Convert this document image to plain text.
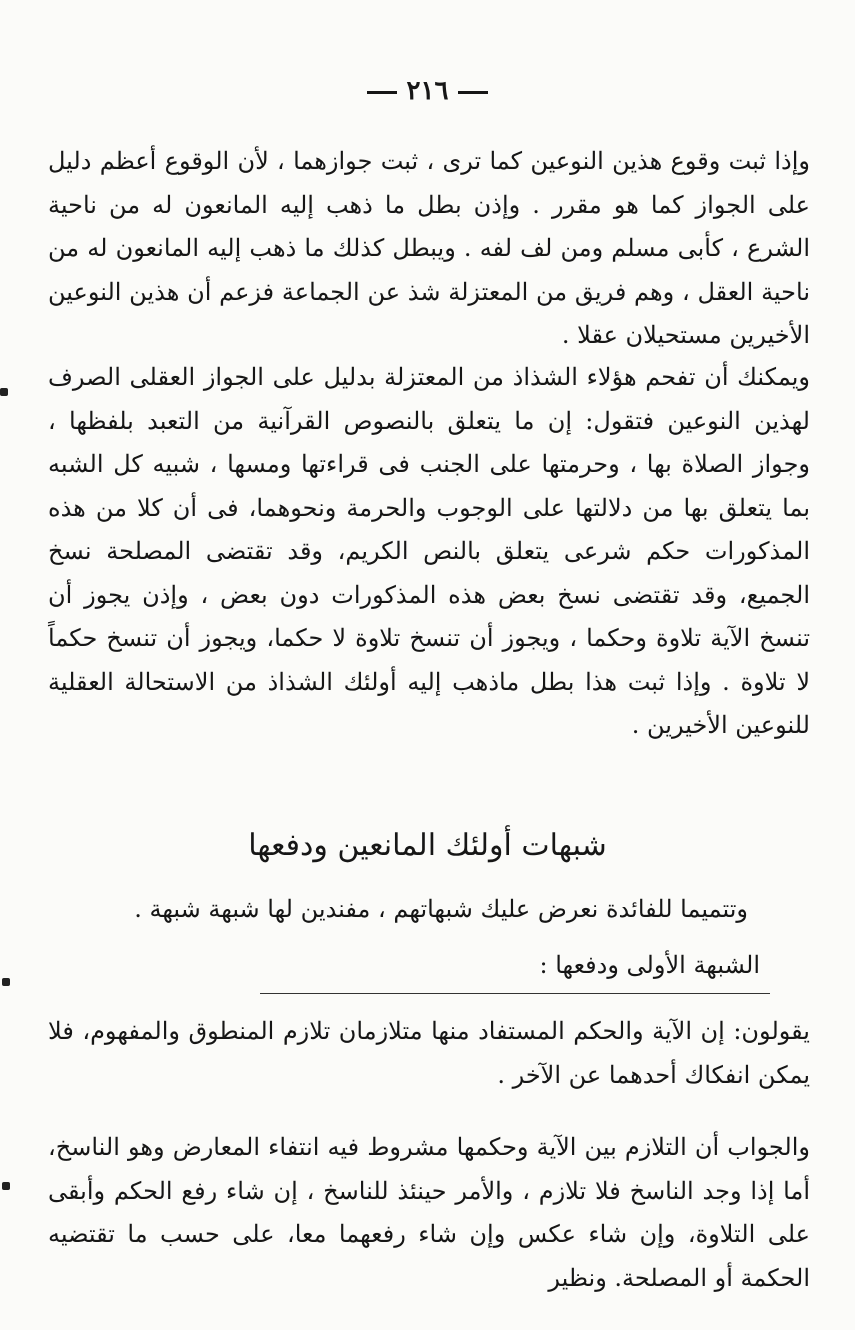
٢١٦
وإذا ثبت وقوع هذين النوعين كما ترى ، ثبت جوازهما ، لأن الوقوع أعظم دليل على الجواز كما هو مقرر . وإذن بطل ما ذهب إليه المانعون له من ناحية الشرع ، كأبى مسلم ومن لف لفه . ويبطل كذلك ما ذهب إليه المانعون له من ناحية العقل ، وهم فريق من المعتزلة شذ عن الجماعة فزعم أن هذين النوعين الأخيرين مستحيلان عقلا .
ويمكنك أن تفحم هؤلاء الشذاذ من المعتزلة بدليل على الجواز العقلى الصرف لهذين النوعين فتقول: إن ما يتعلق بالنصوص القرآنية من التعبد بلفظها ، وجواز الصلاة بها ، وحرمتها على الجنب فى قراءتها ومسها ، شبيه كل الشبه بما يتعلق بها من دلالتها على الوجوب والحرمة ونحوهما، فى أن كلا من هذه المذكورات حكم شرعى يتعلق بالنص الكريم، وقد تقتضى المصلحة نسخ الجميع، وقد تقتضى نسخ بعض هذه المذكورات دون بعض ، وإذن يجوز أن تنسخ الآية تلاوة وحكما ، ويجوز أن تنسخ تلاوة لا حكما، ويجوز أن تنسخ حكماً لا تلاوة . وإذا ثبت هذا بطل ماذهب إليه أولئك الشذاذ من الاستحالة العقلية للنوعين الأخيرين .
شبهات أولئك المانعين ودفعها
وتتميما للفائدة نعرض عليك شبهاتهم ، مفندين لها شبهة شبهة .
الشبهة الأولى ودفعها :
يقولون: إن الآية والحكم المستفاد منها متلازمان تلازم المنطوق والمفهوم، فلا يمكن انفكاك أحدهما عن الآخر .
والجواب أن التلازم بين الآية وحكمها مشروط فيه انتفاء المعارض وهو الناسخ، أما إذا وجد الناسخ فلا تلازم ، والأمر حينئذ للناسخ ، إن شاء رفع الحكم وأبقى على التلاوة، وإن شاء عكس وإن شاء رفعهما معا، على حسب ما تقتضيه الحكمة أو المصلحة. ونظير
